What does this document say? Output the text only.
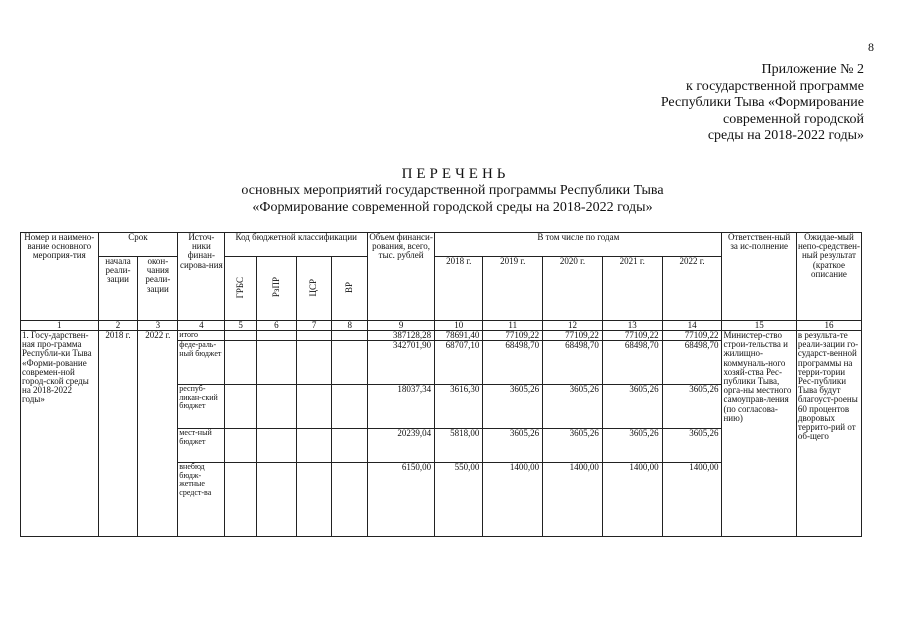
8
Приложение № 2
к государственной программе
Республики Тыва «Формирование
современной городской
среды на 2018-2022 годы»
ПЕРЕЧЕНЬ
основных мероприятий государственной программы Республики Тыва
«Формирование современной городской среды на 2018-2022 годы»
Номер и наимено-вание основного мероприя-тия	Срок		Источ-ники финан-сирова-ния	Код бюджетной классификации				Объем финанси-рования, всего, тыс. рублей	В том числе по годам					Ответствен-ный за ис-полнение	Ожидае-мый непо-средствен-ный результат (краткое описание
	начала реали-зации	окон-чания реали-зации		ГРБС	РзПР	ЦСР	ВР		2018 г.	2019 г.	2020 г.	2021 г.	2022 г.		
1	2	3	4	5	6	7	8	9	10	11	12	13	14	15	16
1. Госу-дарствен-ная про-грамма Республи-ки Тыва «Форми-рование современ-ной город-ской среды на 2018-2022 годы»	2018 г.	2022 г.	итого					387128,28	78691,40	77109,22	77109,22	77109,22	77109,22	Министер-ство строи-тельства и жилищно-коммуналь-ного хозяй-ства Рес-публики Тыва, орга-ны местного самоуправ-ления (по согласова-нию)	в результа-те реали-зации го-сударст-венной программы на терри-тории Рес-публики Тыва будут благоуст-роены 60 процентов дворовых террито-рий от об-щего
			феде-раль-ный бюджет					342701,90	68707,10	68498,70	68498,70	68498,70	68498,70		
			респуб-ликан-ский бюджет					18037,34	3616,30	3605,26	3605,26	3605,26	3605,26		
			мест-ный бюджет					20239,04	5818,00	3605,26	3605,26	3605,26	3605,26		
			внебюд бюдж-жетные средст-ва					6150,00	550,00	1400,00	1400,00	1400,00	1400,00		
